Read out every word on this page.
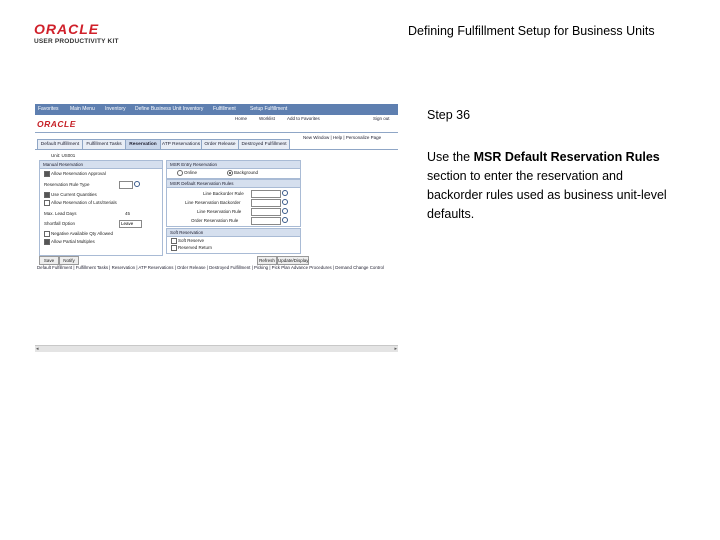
ORACLE
USER PRODUCTIVITY KIT
Defining Fulfillment Setup for Business Units
Favorites Main Menu Inventory Define Business Unit Inventory Fulfillment	Setup Fulfillment
ORACLE
Home	Worklist	Add to Favorites	Sign out
New Window | Help | Personalize Page
Default Fulfillment	Fulfillment Tasks	Reservation	ATP Reservations Order Release	Destroyed Fulfillment
Unit: US001
Manual Reservation
Allow Reservation Approval
Reservation Rule Type
Use Current Quantities
Allow Reservation of Lots/Serials
Max. Lead Days	45
Shortfall Option	Leave
Negative Available Qty Allowed
Allow Partial Multiples
MSR Entry Reservation
Online	Background
MSR Default Reservation Rules
Line Backorder Rule
Line Reservation Backorder
Line Reservation Rule
Order Reservation Rule
Soft Reservation
Soft Reserve
Reserved Return
Save	Notify	Refresh Update/Display
Default Fulfillment | Fulfillment Tasks | Reservation | ATP Reservations | Order Release | Destroyed Fulfillment | Picking | Pick Plan Advance Procedures | Demand Change Control
◂	▸
Step 36
Use the MSR Default Reservation Rules section to enter the reservation and backorder rules used as business unit-level defaults.
